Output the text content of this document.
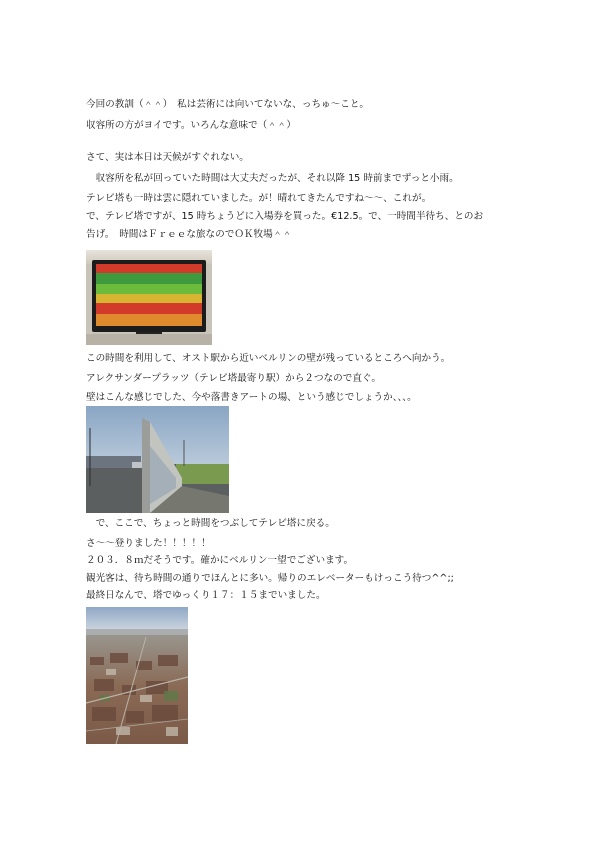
今回の教訓（＾＾）　私は芸術には向いてないな、っちゅ〜こと。
収容所の方がヨイです。いろんな意味で（＾＾）
さて、実は本日は天候がすぐれない。
　収容所を私が回っていた時間は大丈夫だったが、それ以降 15 時前までずっと小雨。
テレビ塔も一時は雲に隠れていました。が！晴れてきたんですね〜〜、これが。
で、テレビ塔ですが、15 時ちょうどに入場券を買った。€12.5。で、一時間半待ち、とのお
告げ。　時間はＦｒｅｅな旅なのでＯＫ牧場＾＾
この時間を利用して、オスト駅から近いベルリンの壁が残っているところへ向かう。
アレクサンダープラッツ（テレビ塔最寄り駅）から２つなので直ぐ。
壁はこんな感じでした、今や落書きアートの場、という感じでしょうか、、、。
　で、ここで、ちょっと時間をつぶしてテレビ塔に戻る。
さ〜〜登りました！！！！！
２０３．８ｍだそうです。確かにベルリン一望でございます。
観光客は、待ち時間の通りでほんとに多い。帰りのエレベーターもけっこう待つ^^;;
最終日なんで、塔でゆっくり１７：１５までいました。
